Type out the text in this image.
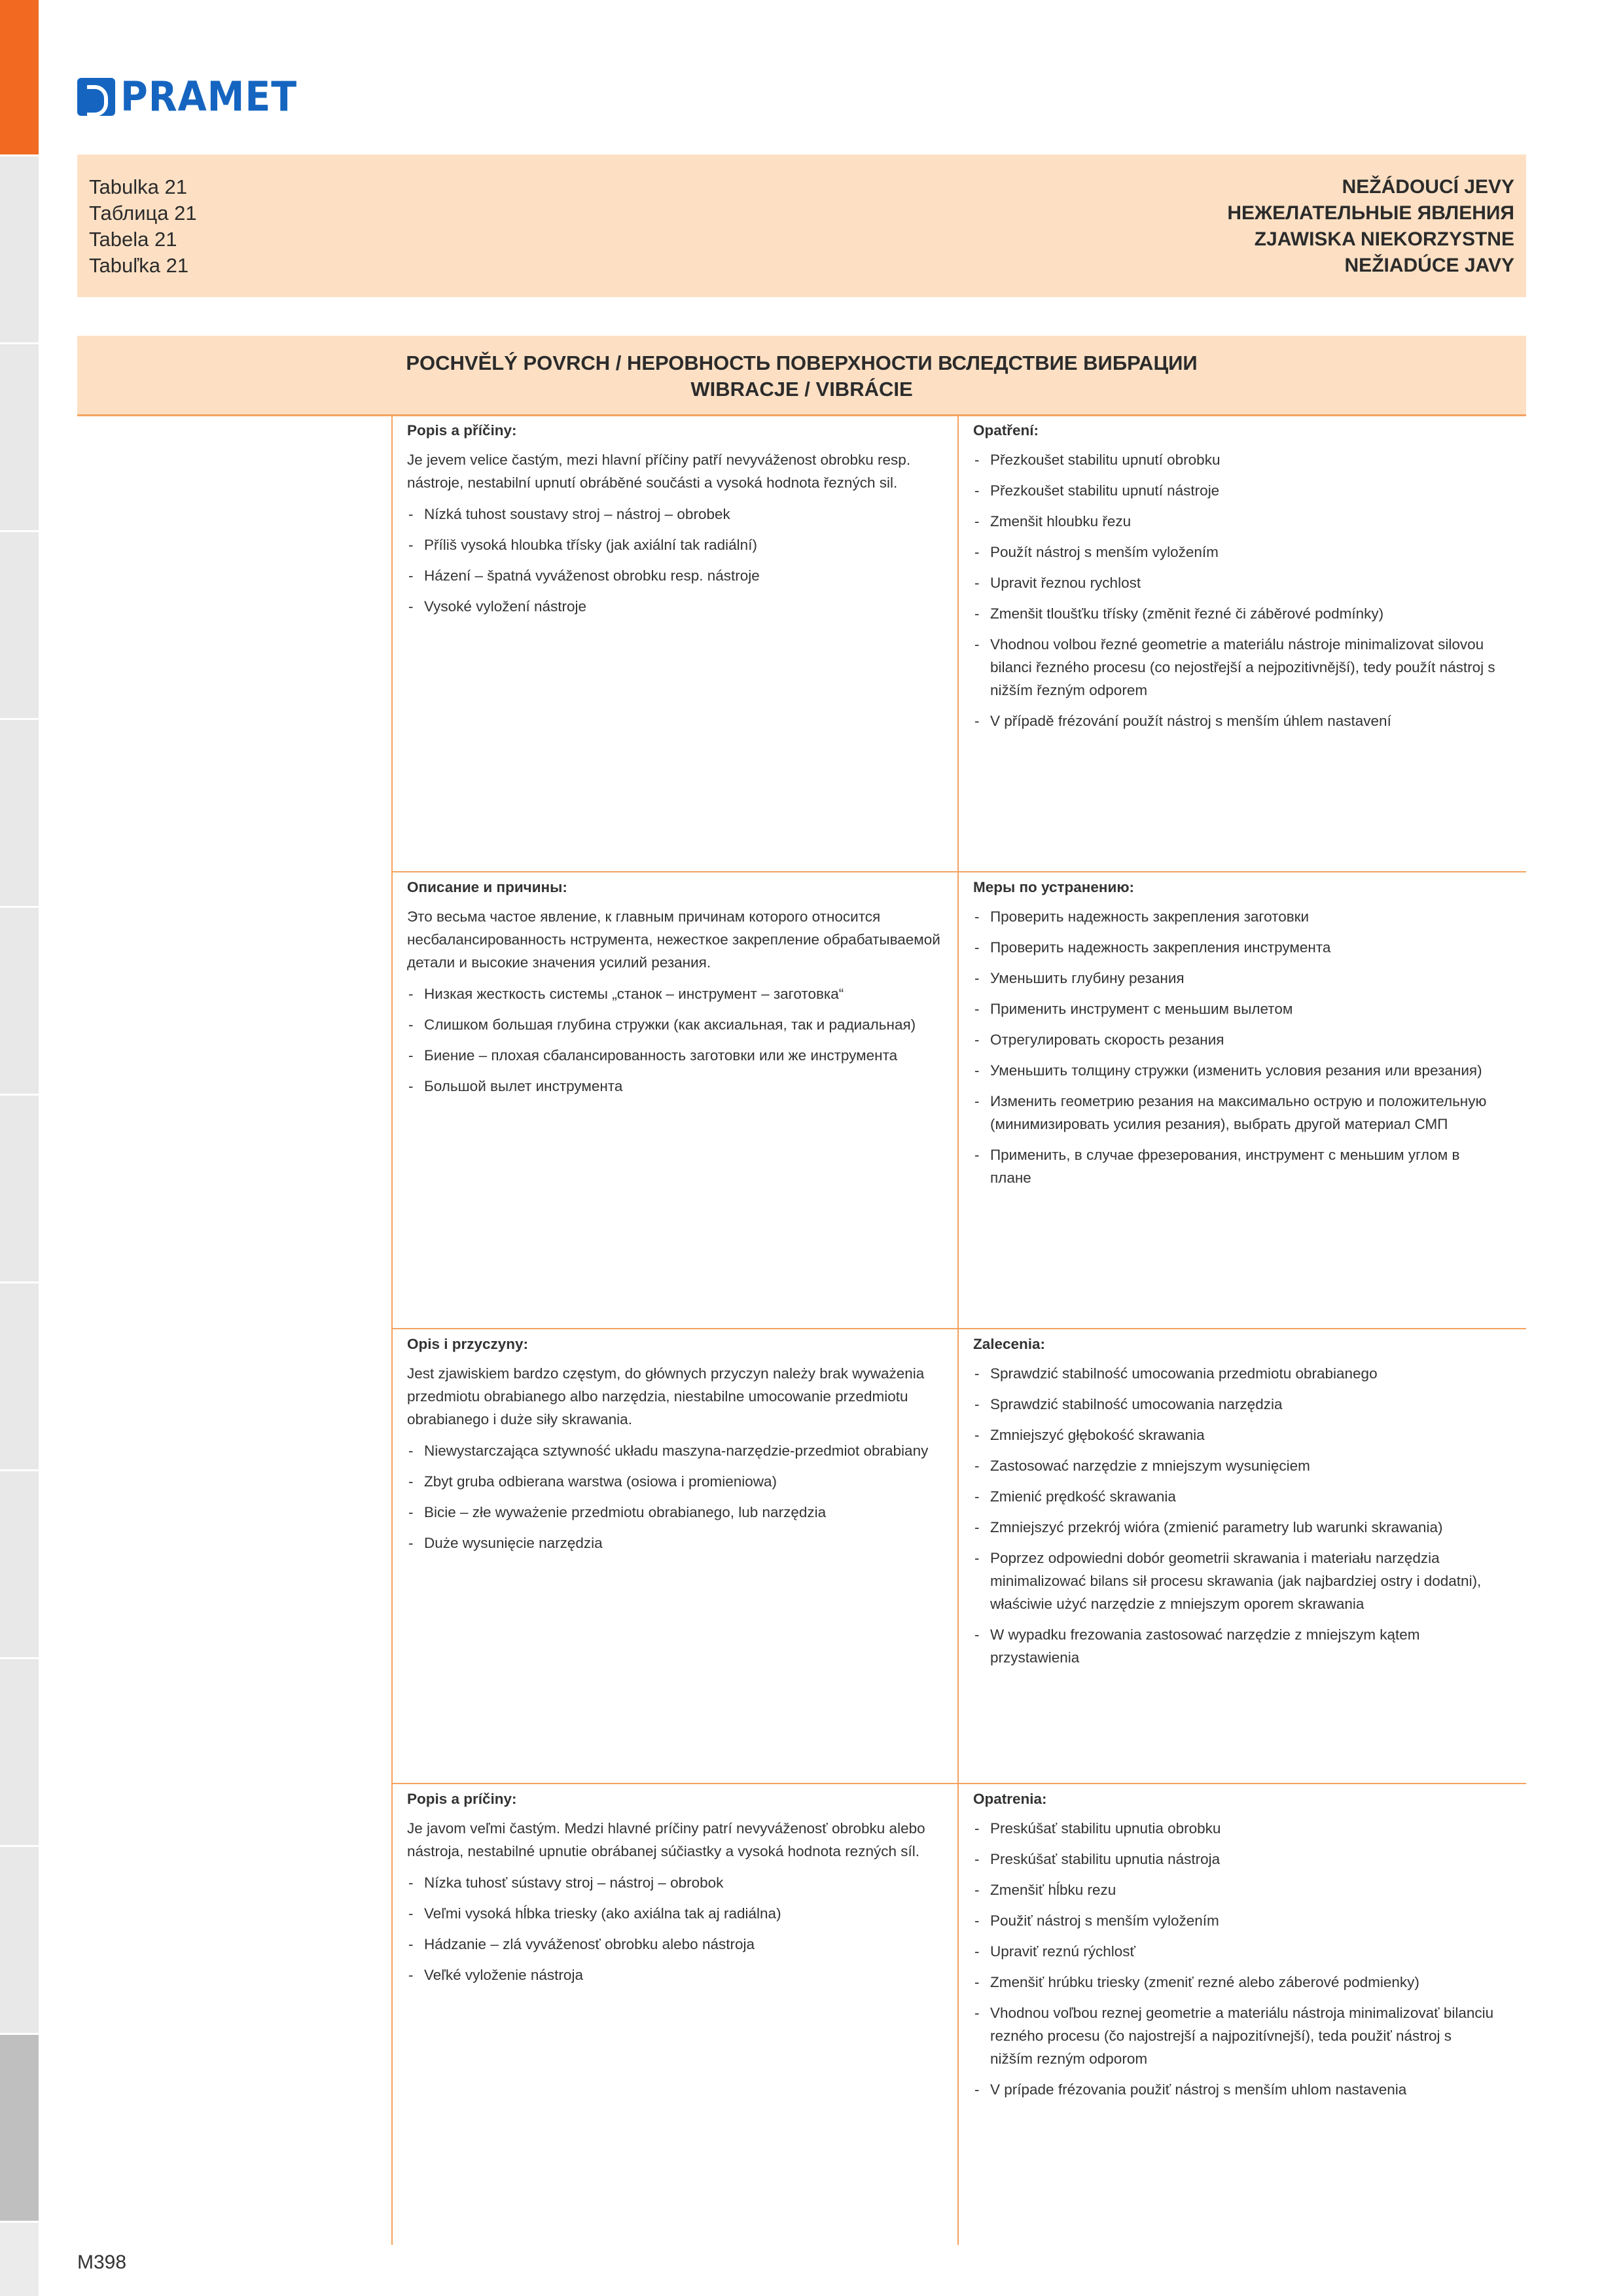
PRAMET
Tabulka 21
Таблица 21
Tabela 21
Tabuľka 21
NEŽÁDOUCÍ JEVY
НЕЖЕЛАТЕЛЬНЫЕ ЯВЛЕНИЯ
ZJAWISKA NIEKORZYSTNE
NEŽIADÚCE JAVY
POCHVĚLÝ POVRCH / НЕРОВНОСТЬ ПОВЕРХНОСТИ ВСЛЕДСТВИЕ ВИБРАЦИИ
WIBRACJE / VIBRÁCIE
Popis a příčiny:
Je jevem velice častým, mezi hlavní příčiny patří nevyváženost obrobku resp. nástroje, nestabilní upnutí obráběné součásti a vysoká hodnota řezných sil.
- Nízká tuhost soustavy stroj – nástroj – obrobek
- Příliš vysoká hloubka třísky (jak axiální tak radiální)
- Házení – špatná vyváženost obrobku resp. nástroje
- Vysoké vyložení nástroje
Opatření:
- Přezkoušet stabilitu upnutí obrobku
- Přezkoušet stabilitu upnutí nástroje
- Zmenšit hloubku řezu
- Použít nástroj s menším vyložením
- Upravit řeznou rychlost
- Zmenšit tloušťku třísky (změnit řezné či záběrové podmínky)
- Vhodnou volbou řezné geometrie a materiálu nástroje minimalizovat silovou bilanci řezného procesu (co nejostřejší a nejpozitivnější), tedy použít nástroj s nižším řezným odporem
- V případě frézování použít nástroj s menším úhlem nastavení
Описание и причины:
Это весьма частое явление, к главным причинам которого относится несбалансированность нструмента, нежесткое закрепление обрабатываемой детали и высокие значения усилий резания.
- Низкая жесткость системы „станок – инструмент – заготовка“
- Слишком большая глубина стружки (как аксиальная, так и радиальная)
- Биение – плохая сбалансированность заготовки или же инструмента
- Большой вылет инструмента
Меры по устранению:
- Проверить надежность закрепления заготовки
- Проверить надежность закрепления инструмента
- Уменьшить глубину резания
- Применить инструмент с меньшим вылетом
- Отрегулировать скорость резания
- Уменьшить толщину стружки (изменить условия резания или врезания)
- Изменить геометрию резания на максимально острую и положительную (минимизировать усилия резания), выбрать другой материал СМП
- Применить, в случае фрезерования, инструмент с меньшим углом в плане
Opis i przyczyny:
Jest zjawiskiem bardzo częstym, do głównych przyczyn należy brak wyważenia przedmiotu obrabianego albo narzędzia, niestabilne umocowanie przedmiotu obrabianego i duże siły skrawania.
- Niewystarczająca sztywność układu maszyna-narzędzie-przedmiot obrabiany
- Zbyt gruba odbierana warstwa (osiowa i promieniowa)
- Bicie – złe wyważenie przedmiotu obrabianego, lub narzędzia
- Duże wysunięcie narzędzia
Zalecenia:
- Sprawdzić stabilność umocowania przedmiotu obrabianego
- Sprawdzić stabilność umocowania narzędzia
- Zmniejszyć głębokość skrawania
- Zastosować narzędzie z mniejszym wysunięciem
- Zmienić prędkość skrawania
- Zmniejszyć przekrój wióra (zmienić parametry lub warunki skrawania)
- Poprzez odpowiedni dobór geometrii skrawania i materiału narzędzia minimalizować bilans sił procesu skrawania (jak najbardziej ostry i dodatni), właściwie użyć narzędzie z mniejszym oporem skrawania
- W wypadku frezowania zastosować narzędzie z mniejszym kątem przystawienia
Popis a príčiny:
Je javom veľmi častým. Medzi hlavné príčiny patrí nevyváženosť obrobku alebo nástroja, nestabilné upnutie obrábanej súčiastky a vysoká hodnota rezných síl.
- Nízka tuhosť sústavy stroj – nástroj – obrobok
- Veľmi vysoká hĺbka triesky (ako axiálna tak aj radiálna)
- Hádzanie – zlá vyváženosť obrobku alebo nástroja
- Veľké vyloženie nástroja
Opatrenia:
- Preskúšať stabilitu upnutia obrobku
- Preskúšať stabilitu upnutia nástroja
- Zmenšiť hĺbku rezu
- Použiť nástroj s menším vyložením
- Upraviť reznú rýchlosť
- Zmenšiť hrúbku triesky (zmeniť rezné alebo záberové podmienky)
- Vhodnou voľbou reznej geometrie a materiálu nástroja minimalizovať bilanciu rezného procesu (čo najostrejší a najpozitívnejší), teda použiť nástroj s nižším rezným odporom
- V prípade frézovania použiť nástroj s menším uhlom nastavenia
M398
